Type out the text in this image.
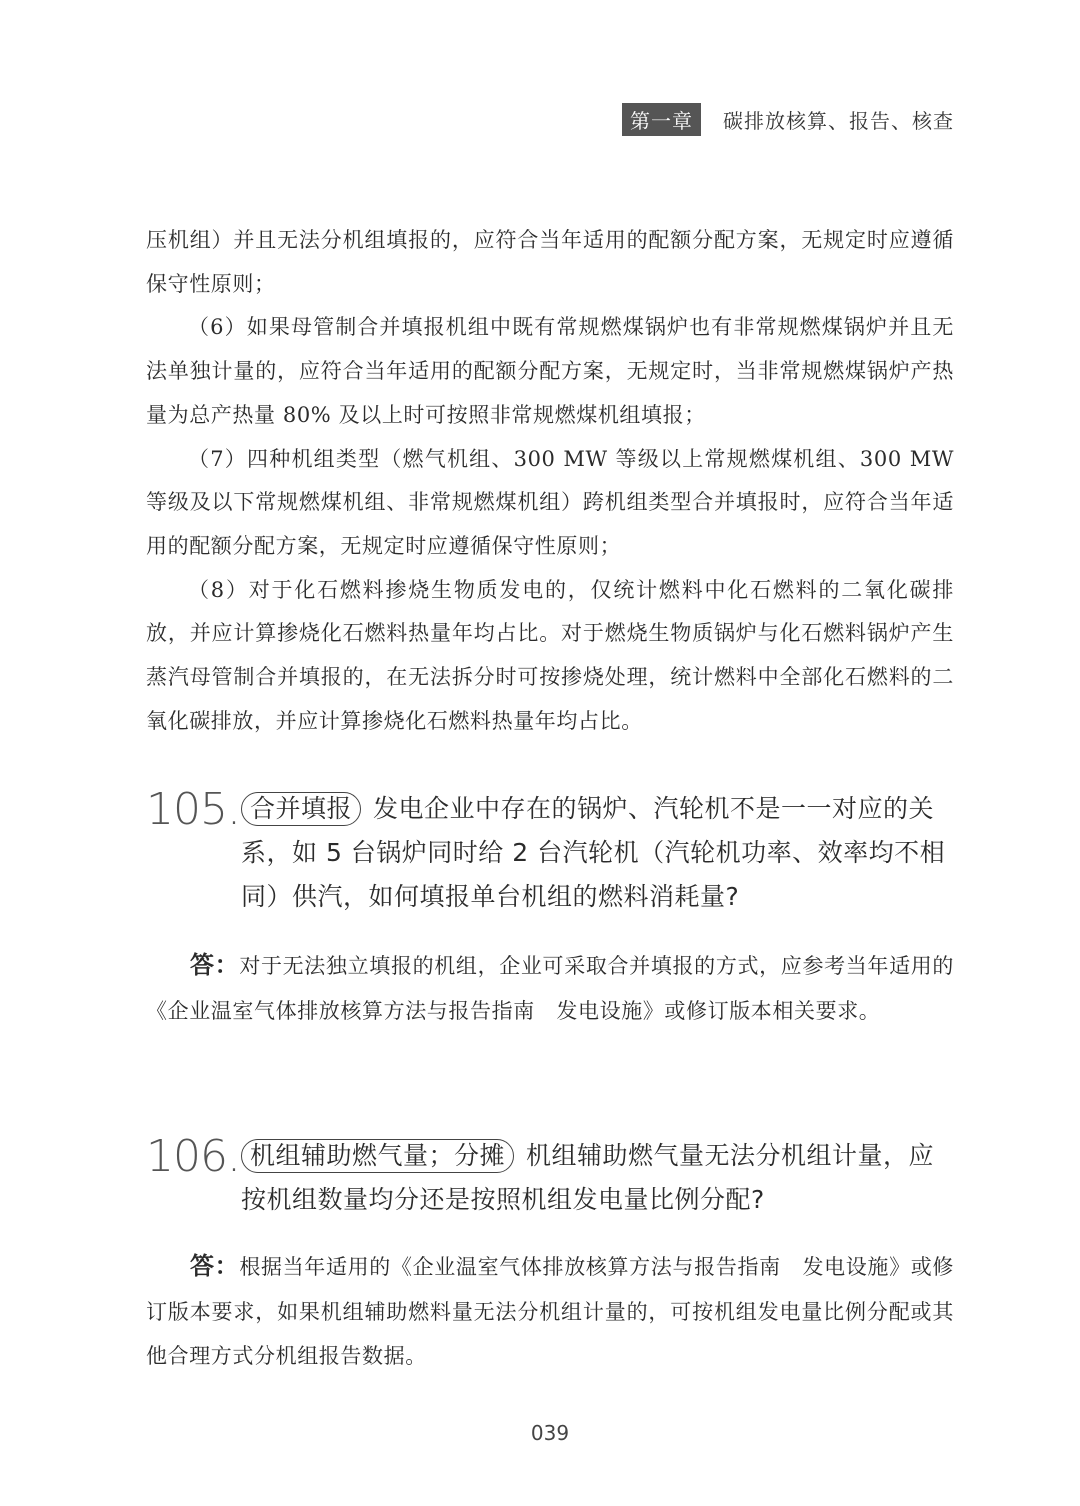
第一章	碳排放核算、报告、核查

压机组）并且无法分机组填报的，应符合当年适用的配额分配方案，无规定时应遵循保守性原则；

（6）如果母管制合并填报机组中既有常规燃煤锅炉也有非常规燃煤锅炉并且无法单独计量的，应符合当年适用的配额分配方案，无规定时，当非常规燃煤锅炉产热量为总产热量 80% 及以上时可按照非常规燃煤机组填报；

（7）四种机组类型（燃气机组、300 MW 等级以上常规燃煤机组、300 MW 等级及以下常规燃煤机组、非常规燃煤机组）跨机组类型合并填报时，应符合当年适用的配额分配方案，无规定时应遵循保守性原则；

（8）对于化石燃料掺烧生物质发电的，仅统计燃料中化石燃料的二氧化碳排放，并应计算掺烧化石燃料热量年均占比。对于燃烧生物质锅炉与化石燃料锅炉产生蒸汽母管制合并填报的，在无法拆分时可按掺烧处理，统计燃料中全部化石燃料的二氧化碳排放，并应计算掺烧化石燃料热量年均占比。

105. 合并填报 发电企业中存在的锅炉、汽轮机不是一一对应的关系，如 5 台锅炉同时给 2 台汽轮机（汽轮机功率、效率均不相同）供汽，如何填报单台机组的燃料消耗量?
答：对于无法独立填报的机组，企业可采取合并填报的方式，应参考当年适用的《企业温室气体排放核算方法与报告指南　发电设施》或修订版本相关要求。
106. 机组辅助燃气量；分摊 机组辅助燃气量无法分机组计量，应按机组数量均分还是按照机组发电量比例分配?
答：根据当年适用的《企业温室气体排放核算方法与报告指南　发电设施》或修订版本要求，如果机组辅助燃料量无法分机组计量的，可按机组发电量比例分配或其他合理方式分机组报告数据。
039
